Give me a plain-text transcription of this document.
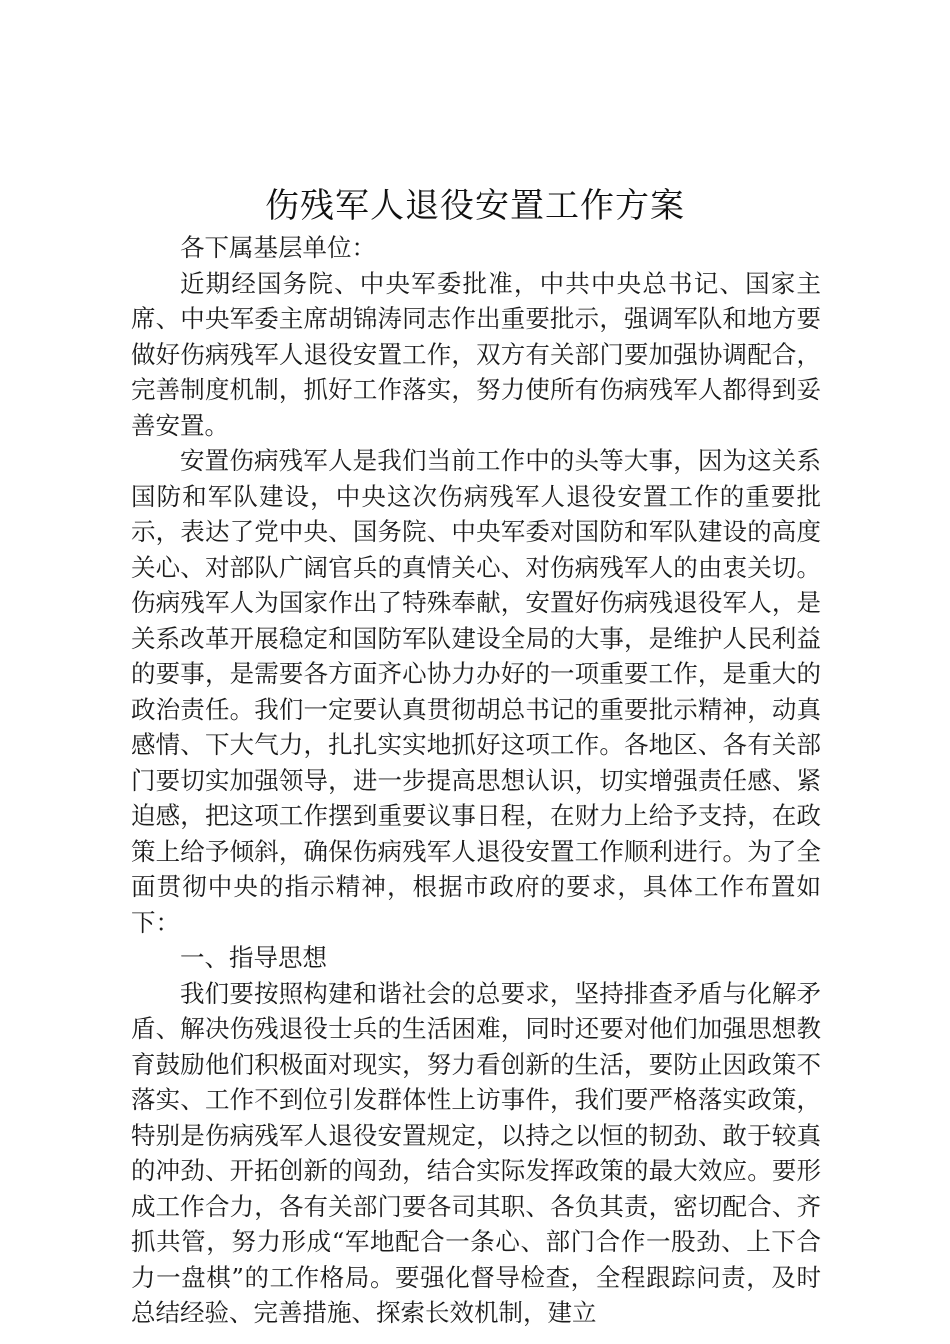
伤残军人退役安置工作方案

各下属基层单位：

近期经国务院、中央军委批准，中共中央总书记、国家主席、中央军委主席胡锦涛同志作出重要批示，强调军队和地方要做好伤病残军人退役安置工作，双方有关部门要加强协调配合，完善制度机制，抓好工作落实，努力使所有伤病残军人都得到妥善安置。

安置伤病残军人是我们当前工作中的头等大事，因为这关系国防和军队建设，中央这次伤病残军人退役安置工作的重要批示，表达了党中央、国务院、中央军委对国防和军队建设的高度关心、对部队广阔官兵的真情关心、对伤病残军人的由衷关切。伤病残军人为国家作出了特殊奉献，安置好伤病残退役军人，是关系改革开展稳定和国防军队建设全局的大事，是维护人民利益的要事，是需要各方面齐心协力办好的一项重要工作，是重大的政治责任。我们一定要认真贯彻胡总书记的重要批示精神，动真感情、下大气力，扎扎实实地抓好这项工作。各地区、各有关部门要切实加强领导，进一步提高思想认识，切实增强责任感、紧迫感，把这项工作摆到重要议事日程，在财力上给予支持，在政策上给予倾斜，确保伤病残军人退役安置工作顺利进行。为了全面贯彻中央的指示精神，根据市政府的要求，具体工作布置如下：

一、指导思想

我们要按照构建和谐社会的总要求，坚持排查矛盾与化解矛盾、解决伤残退役士兵的生活困难，同时还要对他们加强思想教育鼓励他们积极面对现实，努力看创新的生活，要防止因政策不落实、工作不到位引发群体性上访事件，我们要严格落实政策，特别是伤病残军人退役安置规定，以持之以恒的韧劲、敢于较真的冲劲、开拓创新的闯劲，结合实际发挥政策的最大效应。要形成工作合力，各有关部门要各司其职、各负其责，密切配合、齐抓共管，努力形成“军地配合一条心、部门合作一股劲、上下合力一盘棋”的工作格局。要强化督导检查，全程跟踪问责，及时总结经验、完善措施、探索长效机制，建立
